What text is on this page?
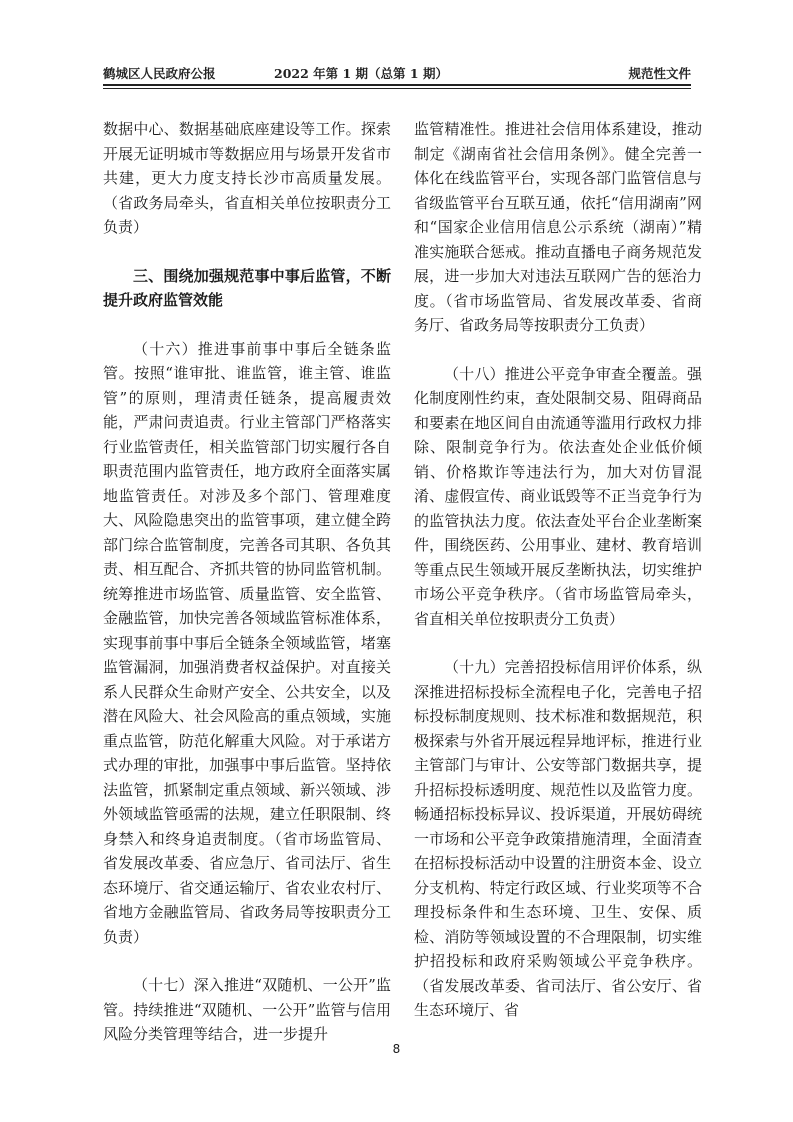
鹤城区人民政府公报	2022 年第 1 期（总第 1 期）	规范性文件

数据中心、数据基础底座建设等工作。探索开展无证明城市等数据应用与场景开发省市共建，更大力度支持长沙市高质量发展。（省政务局牵头，省直相关单位按职责分工负责）

三、围绕加强规范事中事后监管，不断提升政府监管效能

（十六）推进事前事中事后全链条监管。按照“谁审批、谁监管，谁主管、谁监管”的原则，理清责任链条，提高履责效能，严肃问责追责。行业主管部门严格落实行业监管责任，相关监管部门切实履行各自职责范围内监管责任，地方政府全面落实属地监管责任。对涉及多个部门、管理难度大、风险隐患突出的监管事项，建立健全跨部门综合监管制度，完善各司其职、各负其责、相互配合、齐抓共管的协同监管机制。统筹推进市场监管、质量监管、安全监管、金融监管，加快完善各领域监管标准体系，实现事前事中事后全链条全领域监管，堵塞监管漏洞，加强消费者权益保护。对直接关系人民群众生命财产安全、公共安全，以及潜在风险大、社会风险高的重点领域，实施重点监管，防范化解重大风险。对于承诺方式办理的审批，加强事中事后监管。坚持依法监管，抓紧制定重点领域、新兴领域、涉外领域监管亟需的法规，建立任职限制、终身禁入和终身追责制度。（省市场监管局、省发展改革委、省应急厅、省司法厅、省生态环境厅、省交通运输厅、省农业农村厅、省地方金融监管局、省政务局等按职责分工负责）

（十七）深入推进“双随机、一公开”监管。持续推进“双随机、一公开”监管与信用风险分类管理等结合，进一步提升

监管精准性。推进社会信用体系建设，推动制定《湖南省社会信用条例》。健全完善一体化在线监管平台，实现各部门监管信息与省级监管平台互联互通，依托“信用湖南”网和“国家企业信用信息公示系统（湖南）”精准实施联合惩戒。推动直播电子商务规范发展，进一步加大对违法互联网广告的惩治力度。（省市场监管局、省发展改革委、省商务厅、省政务局等按职责分工负责）

（十八）推进公平竞争审查全覆盖。强化制度刚性约束，查处限制交易、阻碍商品和要素在地区间自由流通等滥用行政权力排除、限制竞争行为。依法查处企业低价倾销、价格欺诈等违法行为，加大对仿冒混淆、虚假宣传、商业诋毁等不正当竞争行为的监管执法力度。依法查处平台企业垄断案件，围绕医药、公用事业、建材、教育培训等重点民生领域开展反垄断执法，切实维护市场公平竞争秩序。（省市场监管局牵头，省直相关单位按职责分工负责）

（十九）完善招投标信用评价体系，纵深推进招标投标全流程电子化，完善电子招标投标制度规则、技术标准和数据规范，积极探索与外省开展远程异地评标，推进行业主管部门与审计、公安等部门数据共享，提升招标投标透明度、规范性以及监管力度。畅通招标投标异议、投诉渠道，开展妨碍统一市场和公平竞争政策措施清理，全面清查在招标投标活动中设置的注册资本金、设立分支机构、特定行政区域、行业奖项等不合理投标条件和生态环境、卫生、安保、质检、消防等领域设置的不合理限制，切实维护招投标和政府采购领域公平竞争秩序。（省发展改革委、省司法厅、省公安厅、省生态环境厅、省

8
